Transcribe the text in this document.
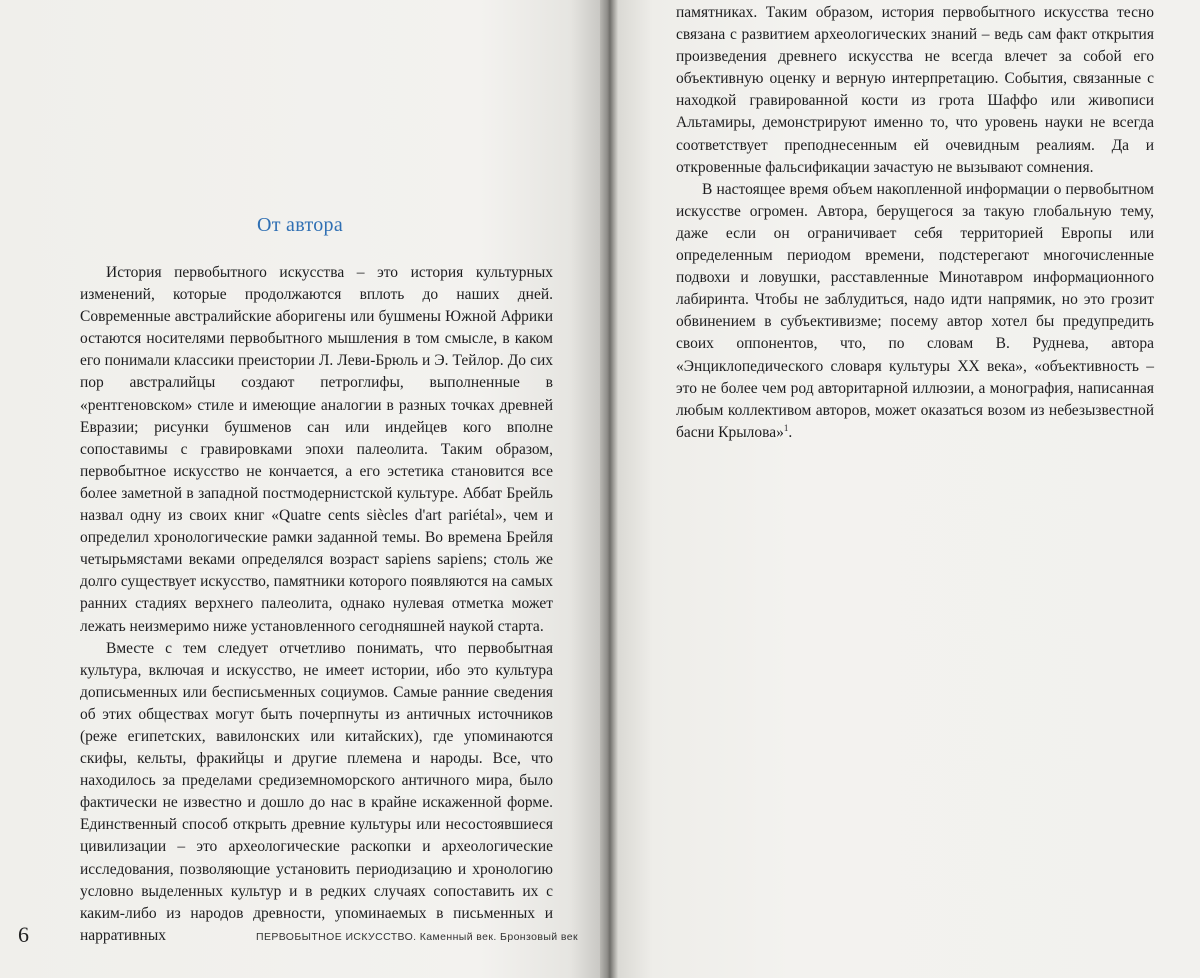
От автора

История первобытного искусства – это история культурных изменений, которые продолжаются вплоть до наших дней. Современные австралийские аборигены или бушмены Южной Африки остаются носителями первобытного мышления в том смысле, в каком его понимали классики преистории Л. Леви-Брюль и Э. Тейлор. До сих пор австралийцы создают петроглифы, выполненные в «рентгеновском» стиле и имеющие аналогии в разных точках древней Евразии; рисунки бушменов сан или индейцев кого вполне сопоставимы с гравировками эпохи палеолита. Таким образом, первобытное искусство не кончается, а его эстетика становится все более заметной в западной постмодернистской культуре. Аббат Брейль назвал одну из своих книг «Quatre cents siècles d'art pariétal», чем и определил хронологические рамки заданной темы. Во времена Брейля четырьмястами веками определялся возраст sapiens sapiens; столь же долго существует искусство, памятники которого появляются на самых ранних стадиях верхнего палеолита, однако нулевая отметка может лежать неизмеримо ниже установленного сегодняшней наукой старта.

Вместе с тем следует отчетливо понимать, что первобытная культура, включая и искусство, не имеет истории, ибо это культура дописьменных или бесписьменных социумов. Самые ранние сведения об этих обществах могут быть почерпнуты из античных источников (реже египетских, вавилонских или китайских), где упоминаются скифы, кельты, фракийцы и другие племена и народы. Все, что находилось за пределами средиземноморского античного мира, было фактически не известно и дошло до нас в крайне искаженной форме. Единственный способ открыть древние культуры или несостоявшиеся цивилизации – это археологические раскопки и археологические исследования, позволяющие установить периодизацию и хронологию условно выделенных культур и в редких случаях сопоставить их с каким-либо из народов древности, упоминаемых в письменных и нарративных

6	ПЕРВОБЫТНОЕ ИСКУССТВО. Каменный век. Бронзовый век

памятниках. Таким образом, история первобытного искусства тесно связана с развитием археологических знаний – ведь сам факт открытия произведения древнего искусства не всегда влечет за собой его объективную оценку и верную интерпретацию. События, связанные с находкой гравированной кости из грота Шаффо или живописи Альтамиры, демонстрируют именно то, что уровень науки не всегда соответствует преподнесенным ей очевидным реалиям. Да и откровенные фальсификации зачастую не вызывают сомнения.

В настоящее время объем накопленной информации о первобытном искусстве огромен. Автора, берущегося за такую глобальную тему, даже если он ограничивает себя территорией Европы или определенным периодом времени, подстерегают многочисленные подвохи и ловушки, расставленные Минотавром информационного лабиринта. Чтобы не заблудиться, надо идти напрямик, но это грозит обвинением в субъективизме; посему автор хотел бы предупредить своих оппонентов, что, по словам В. Руднева, автора «Энциклопедического словаря культуры XX века», «объективность – это не более чем род авторитарной иллюзии, а монография, написанная любым коллективом авторов, может оказаться возом из небезызвестной басни Крылова»$^1$.
